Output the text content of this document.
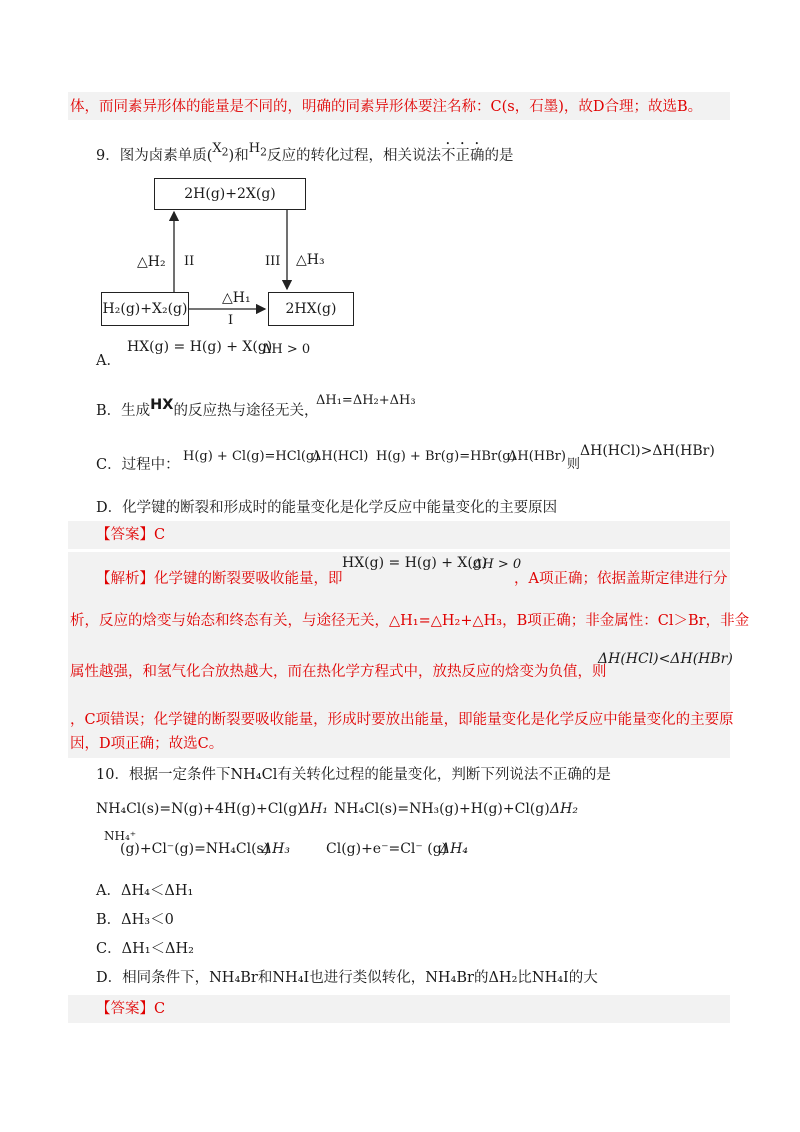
体，而同素异形体的能量是不同的，明确的同素异形体要注名称：C(s，石墨)，故D合理；故选B。
9．图为卤素单质$(X_2)$和$H_2$反应的转化过程，相关说法不正确的是
2H(g)+2X(g)
H₂(g)+X₂(g)	2HX(g)
△H₂ II	III △H₃
△H₁
I
A．
HX(g) = H(g) + X(g)
ΔH > 0
B．生成HX的反应热与途径无关，
ΔH₁=ΔH₂+ΔH₃
C．过程中：
H(g) + Cl(g)=HCl(g)
ΔH(HCl) H(g) + Br(g)=HBr(g)
ΔH(HBr)
则
ΔH(HCl)>ΔH(HBr)
D．化学键的断裂和形成时的能量变化是化学反应中能量变化的主要原因
【答案】C
【解析】化学键的断裂要吸收能量，即
HX(g) = H(g) + X(g)
ΔH > 0
，A项正确；依据盖斯定律进行分
析，反应的焓变与始态和终态有关，与途径无关，△H₁=△H₂+△H₃，B项正确；非金属性：Cl＞Br，非金
属性越强，和氢气化合放热越大，而在热化学方程式中，放热反应的焓变为负值，则
ΔH(HCl)<ΔH(HBr)
，C项错误；化学键的断裂要吸收能量，形成时要放出能量，即能量变化是化学反应中能量变化的主要原
因，D项正确；故选C。
10．根据一定条件下NH₄Cl有关转化过程的能量变化，判断下列说法不正确的是
NH₄Cl(s)=N(g)+4H(g)+Cl(g)
ΔH₁ NH₄Cl(s)=NH₃(g)+H(g)+Cl(g) ΔH₂
NH₄⁺
(g)+Cl⁻(g)=NH₄Cl(s)
ΔH₃	Cl(g)+e⁻=Cl⁻ (g)
ΔH₄
A．ΔH₄＜ΔH₁
B．ΔH₃＜0
C．ΔH₁＜ΔH₂
D．相同条件下，NH₄Br和NH₄I也进行类似转化，NH₄Br的ΔH₂比NH₄I的大
【答案】C
